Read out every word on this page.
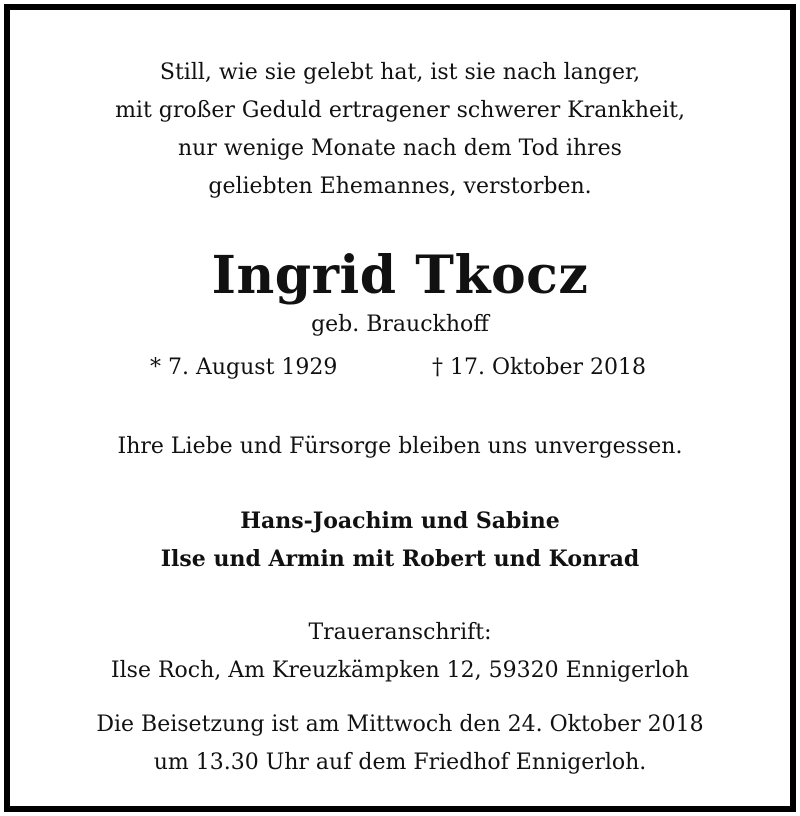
Still, wie sie gelebt hat, ist sie nach langer,
mit großer Geduld ertragener schwerer Krankheit,
nur wenige Monate nach dem Tod ihres
geliebten Ehemannes, verstorben.
Ingrid Tkocz
geb. Brauckhoff
* 7. August 1929	† 17. Oktober 2018
Ihre Liebe und Fürsorge bleiben uns unvergessen.
Hans-Joachim und Sabine
Ilse und Armin mit Robert und Konrad
Traueranschrift:
Ilse Roch, Am Kreuzkämpken 12, 59320 Ennigerloh
Die Beisetzung ist am Mittwoch den 24. Oktober 2018
um 13.30 Uhr auf dem Friedhof Ennigerloh.
